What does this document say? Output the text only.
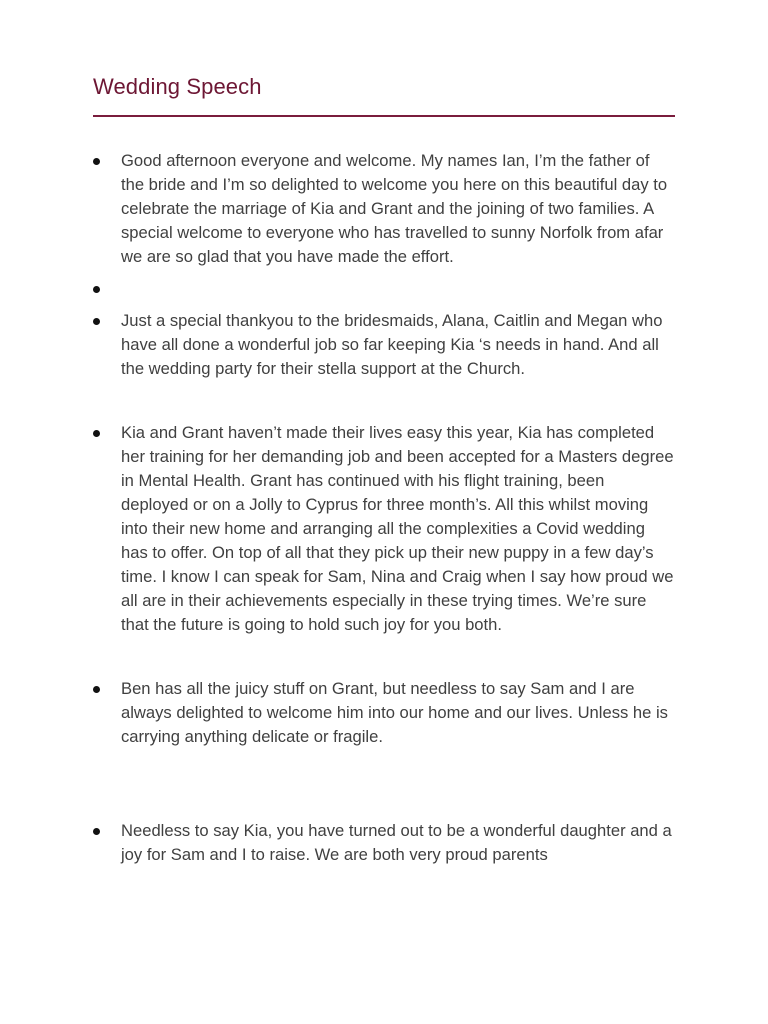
Wedding Speech
Good afternoon everyone and welcome. My names Ian, I’m the father of the bride and I’m so delighted to welcome you here on this beautiful day to celebrate the marriage of Kia and Grant and the joining of two families. A special welcome to everyone who has travelled to sunny Norfolk from afar we are so glad that you have made the effort.
Just a special thankyou to the bridesmaids, Alana, Caitlin and Megan who have all done a wonderful job so far keeping Kia ‘s needs in hand. And all the wedding party for their stella support at the Church.
Kia and Grant haven’t made their lives easy this year, Kia has completed her training for her demanding job and been accepted for a Masters degree in Mental Health. Grant has continued with his flight training, been deployed or on a Jolly to Cyprus for three month’s. All this whilst moving into their new home and arranging all the complexities a Covid wedding has to offer. On top of all that they pick up their new puppy in a few day’s time. I know I can speak for Sam, Nina and Craig when I say how proud we all are in their achievements especially in these trying times. We’re sure that the future is going to hold such joy for you both.
Ben has all the juicy stuff on Grant, but needless to say Sam and I are always delighted to welcome him into our home and our lives. Unless he is carrying anything delicate or fragile.
Needless to say Kia, you have turned out to be a wonderful daughter and a joy for Sam and I to raise. We are both very proud parents
